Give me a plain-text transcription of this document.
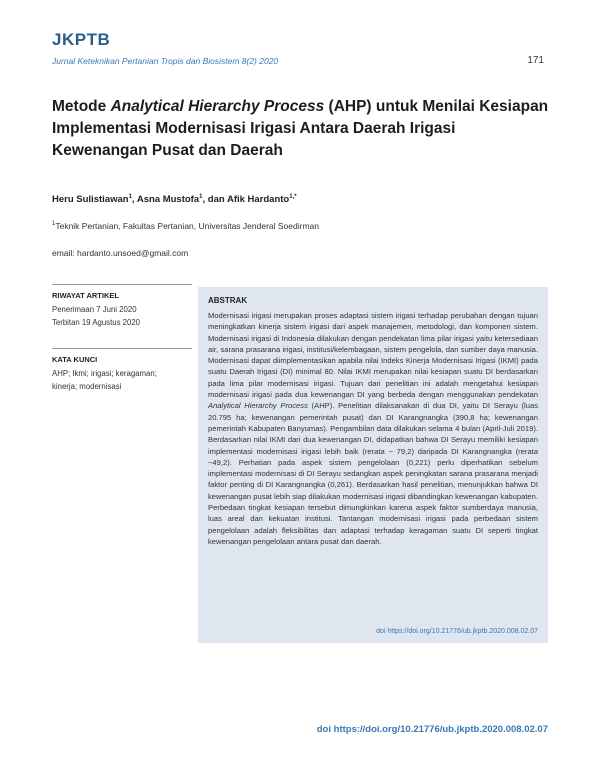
JKPTB
Jurnal Keteknikan Pertanian Tropis dan Biosistem 8(2) 2020	171
Metode Analytical Hierarchy Process (AHP) untuk Menilai Kesiapan Implementasi Modernisasi Irigasi Antara Daerah Irigasi Kewenangan Pusat dan Daerah
Heru Sulistiawan$^1$, Asna Mustofa$^1$, dan Afik Hardanto$^{1,*}$
$^1$Teknik Pertanian, Fakultas Pertanian, Universitas Jenderal Soedirman
email: hardanto.unsoed@gmail.com
RIWAYAT ARTIKEL
Penerimaan 7 Juni 2020
Terbitan 19 Agustus 2020
KATA KUNCI
AHP; Ikmi; irigasi; keragaman;
kinerja; modernisasi
ABSTRAK

Modernisasi irigasi merupakan proses adaptasi sistem irigasi terhadap perubahan dengan tujuan meningkatkan kinerja sistem irigasi dari aspek manajemen, metodologi, dan komponen sistem. Modernisasi irigasi di Indonesia dilakukan dengan pendekatan lima pilar irigasi yaitu ketersediaan air, sarana prasarana irigasi, institusi/kelembagaan, sistem pengelola, dan sumber daya manusia. Modernisasi dapat diimplementasikan apabila nilai Indeks Kinerja Modernisasi Irigasi (IKMI) pada suatu Daerah Irigasi (DI) minimal 80. Nilai IKMI merupakan nilai kesiapan suatu DI berdasarkan pada lima pilar modernisasi irigasi. Tujuan dari penelitian ini adalah mengetahui kesiapan modernisasi irigasi pada dua kewenangan DI yang berbeda dengan menggunakan pendekatan Analytical Hierarchy Process (AHP). Penelitian dilaksanakan di dua DI, yaitu DI Serayu (luas 20.795 ha; kewenangan pemerintah pusat) dan DI Karangnangka (390,8 ha; kewenangan pemerintah Kabupaten Banyumas). Pengambilan data dilakukan selama 4 bulan (April-Juli 2019). Berdasarkan nilai IKMI dari dua kewenangan DI, didapatkan bahwa DI Serayu memiliki kesiapan implementasi modernisasi irigasi lebih baik (rerata ~ 79,2) daripada DI Karangnangka (rerata ~49,2). Perhatian pada aspek sistem pengelolaan (0,221) perlu diperhatikan sebelum implementasi modernisasi di DI Serayu sedangkan aspek peningkatan sarana prasarana menjadi faktor penting di DI Karangnangka (0,261). Berdasarkan hasil penelitian, menunjukkan bahwa DI kewenangan pusat lebih siap dilakukan modernisasi irigasi dibandingkan kewenangan kabupaten. Perbedaan tingkat kesiapan tersebut dimungkinkan karena aspek faktor sumberdaya manusia, luas areal dan kekuatan institusi. Tantangan modernisasi irigasi pada perbedaan sistem pengelolaan adalah fleksibilitas dan adaptasi terhadap keragaman suatu DI seperti tingkat kewenangan pengelolaan antara pusat dan daerah.

doi https://doi.org/10.21776/ub.jkptb.2020.008.02.07
doi https://doi.org/10.21776/ub.jkptb.2020.008.02.07
